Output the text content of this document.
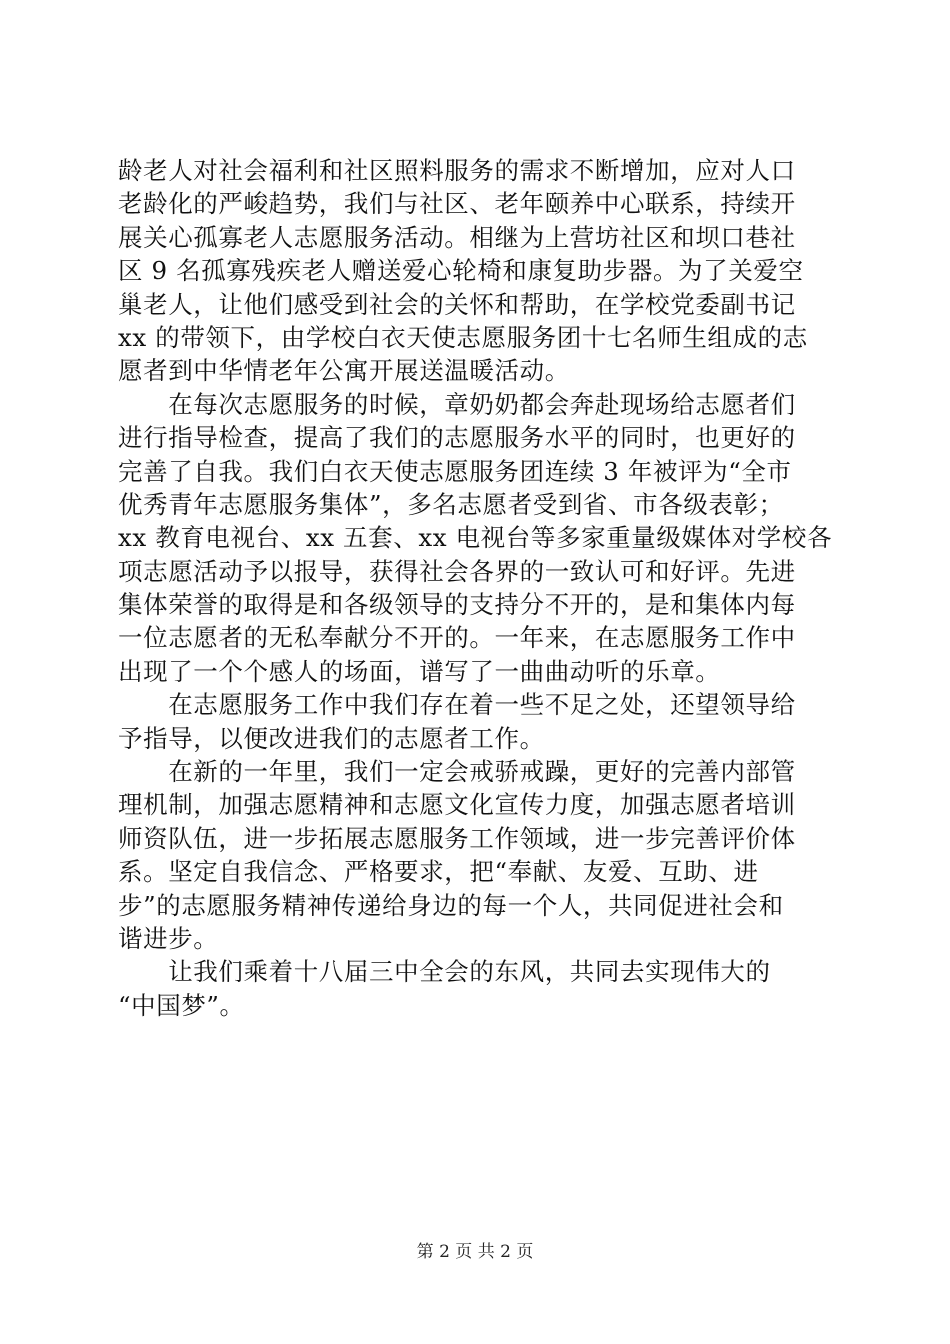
龄老人对社会福利和社区照料服务的需求不断增加，应对人口
老龄化的严峻趋势，我们与社区、老年颐养中心联系，持续开
展关心孤寡老人志愿服务活动。相继为上营坊社区和坝口巷社
区 9 名孤寡残疾老人赠送爱心轮椅和康复助步器。为了关爱空
巢老人，让他们感受到社会的关怀和帮助，在学校党委副书记
xx 的带领下，由学校白衣天使志愿服务团十七名师生组成的志
愿者到中华情老年公寓开展送温暖活动。
　　在每次志愿服务的时候，章奶奶都会奔赴现场给志愿者们
进行指导检查，提高了我们的志愿服务水平的同时，也更好的
完善了自我。我们白衣天使志愿服务团连续 3 年被评为“全市
优秀青年志愿服务集体”，多名志愿者受到省、市各级表彰；
xx 教育电视台、xx 五套、xx 电视台等多家重量级媒体对学校各
项志愿活动予以报导，获得社会各界的一致认可和好评。先进
集体荣誉的取得是和各级领导的支持分不开的，是和集体内每
一位志愿者的无私奉献分不开的。一年来，在志愿服务工作中
出现了一个个感人的场面，谱写了一曲曲动听的乐章。
　　在志愿服务工作中我们存在着一些不足之处，还望领导给
予指导，以便改进我们的志愿者工作。
　　在新的一年里，我们一定会戒骄戒躁，更好的完善内部管
理机制，加强志愿精神和志愿文化宣传力度，加强志愿者培训
师资队伍，进一步拓展志愿服务工作领域，进一步完善评价体
系。坚定自我信念、严格要求，把“奉献、友爱、互助、进
步”的志愿服务精神传递给身边的每一个人，共同促进社会和
谐进步。
　　让我们乘着十八届三中全会的东风，共同去实现伟大的
“中国梦”。
第 2 页 共 2 页
